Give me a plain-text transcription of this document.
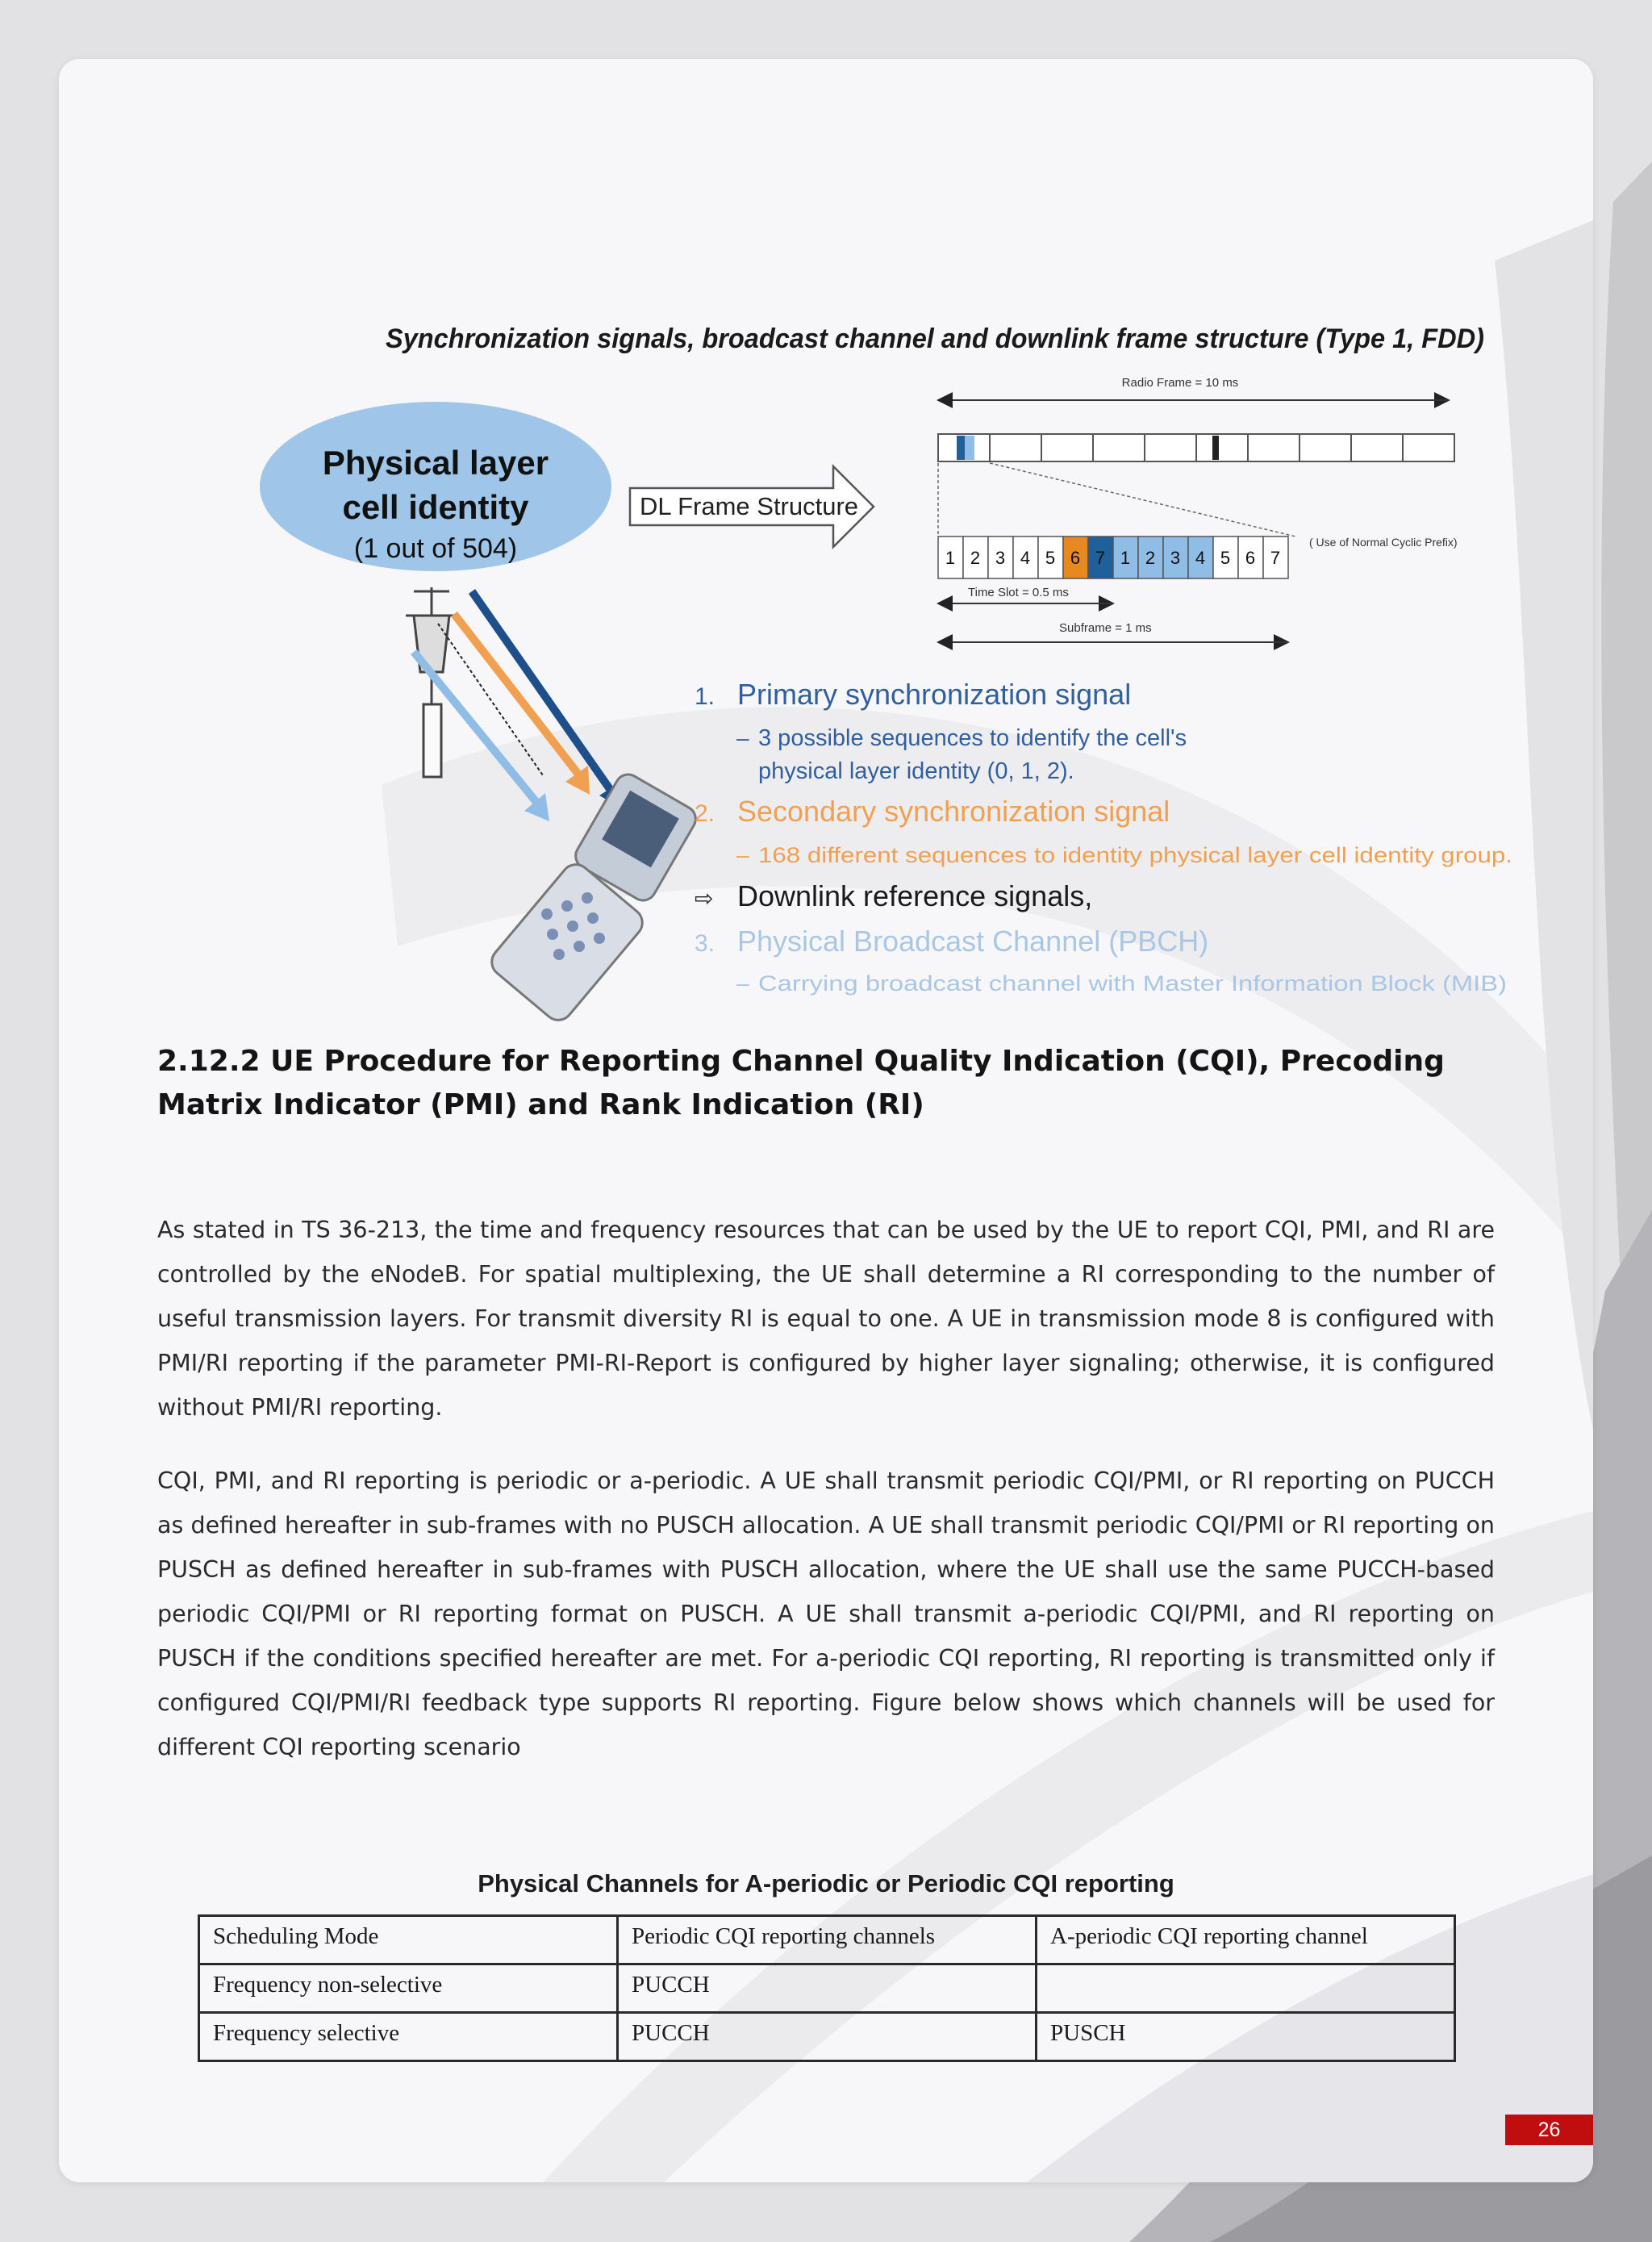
Synchronization signals, broadcast channel and downlink frame structure (Type 1, FDD)
Physical layer
cell identity
(1 out of 504)
DL Frame Structure
Radio Frame = 10 ms
1 2 3 4 5 6 7 1 2 3 4 5 6 7
( Use of Normal Cyclic Prefix)
Time Slot = 0.5 ms
Subframe = 1 ms
1. Primary synchronization signal
– 3 possible sequences to identify the cell's
physical layer identity (0, 1, 2).
2. Secondary synchronization signal
– 168 different sequences to identity physical layer cell identity group.
⇨ Downlink reference signals,
3. Physical Broadcast Channel (PBCH)
– Carrying broadcast channel with Master Information Block (MIB)
2.12.2 UE Procedure for Reporting Channel Quality Indication (CQI), Precoding Matrix Indicator (PMI) and Rank Indication (RI)

As stated in TS 36-213, the time and frequency resources that can be used by the UE to report CQI, PMI, and RI are controlled by the eNodeB. For spatial multiplexing, the UE shall determine a RI corresponding to the number of useful transmission layers. For transmit diversity RI is equal to one. A UE in transmission mode 8 is configured with PMI/RI reporting if the parameter PMI-RI-Report is configured by higher layer signaling; otherwise, it is configured without PMI/RI reporting.

CQI, PMI, and RI reporting is periodic or a-periodic. A UE shall transmit periodic CQI/PMI, or RI reporting on PUCCH as defined hereafter in sub-frames with no PUSCH allocation. A UE shall transmit periodic CQI/PMI or RI reporting on PUSCH as defined hereafter in sub-frames with PUSCH allocation, where the UE shall use the same PUCCH-based periodic CQI/PMI or RI reporting format on PUSCH. A UE shall transmit a-periodic CQI/PMI, and RI reporting on PUSCH if the conditions specified hereafter are met. For a-periodic CQI reporting, RI reporting is transmitted only if configured CQI/PMI/RI feedback type supports RI reporting. Figure below shows which channels will be used for different CQI reporting scenario

Physical Channels for A-periodic or Periodic CQI reporting
Scheduling Mode	Periodic CQI reporting channels	A-periodic CQI reporting channel
Frequency non-selective	PUCCH	
Frequency selective	PUCCH	PUSCH
26
